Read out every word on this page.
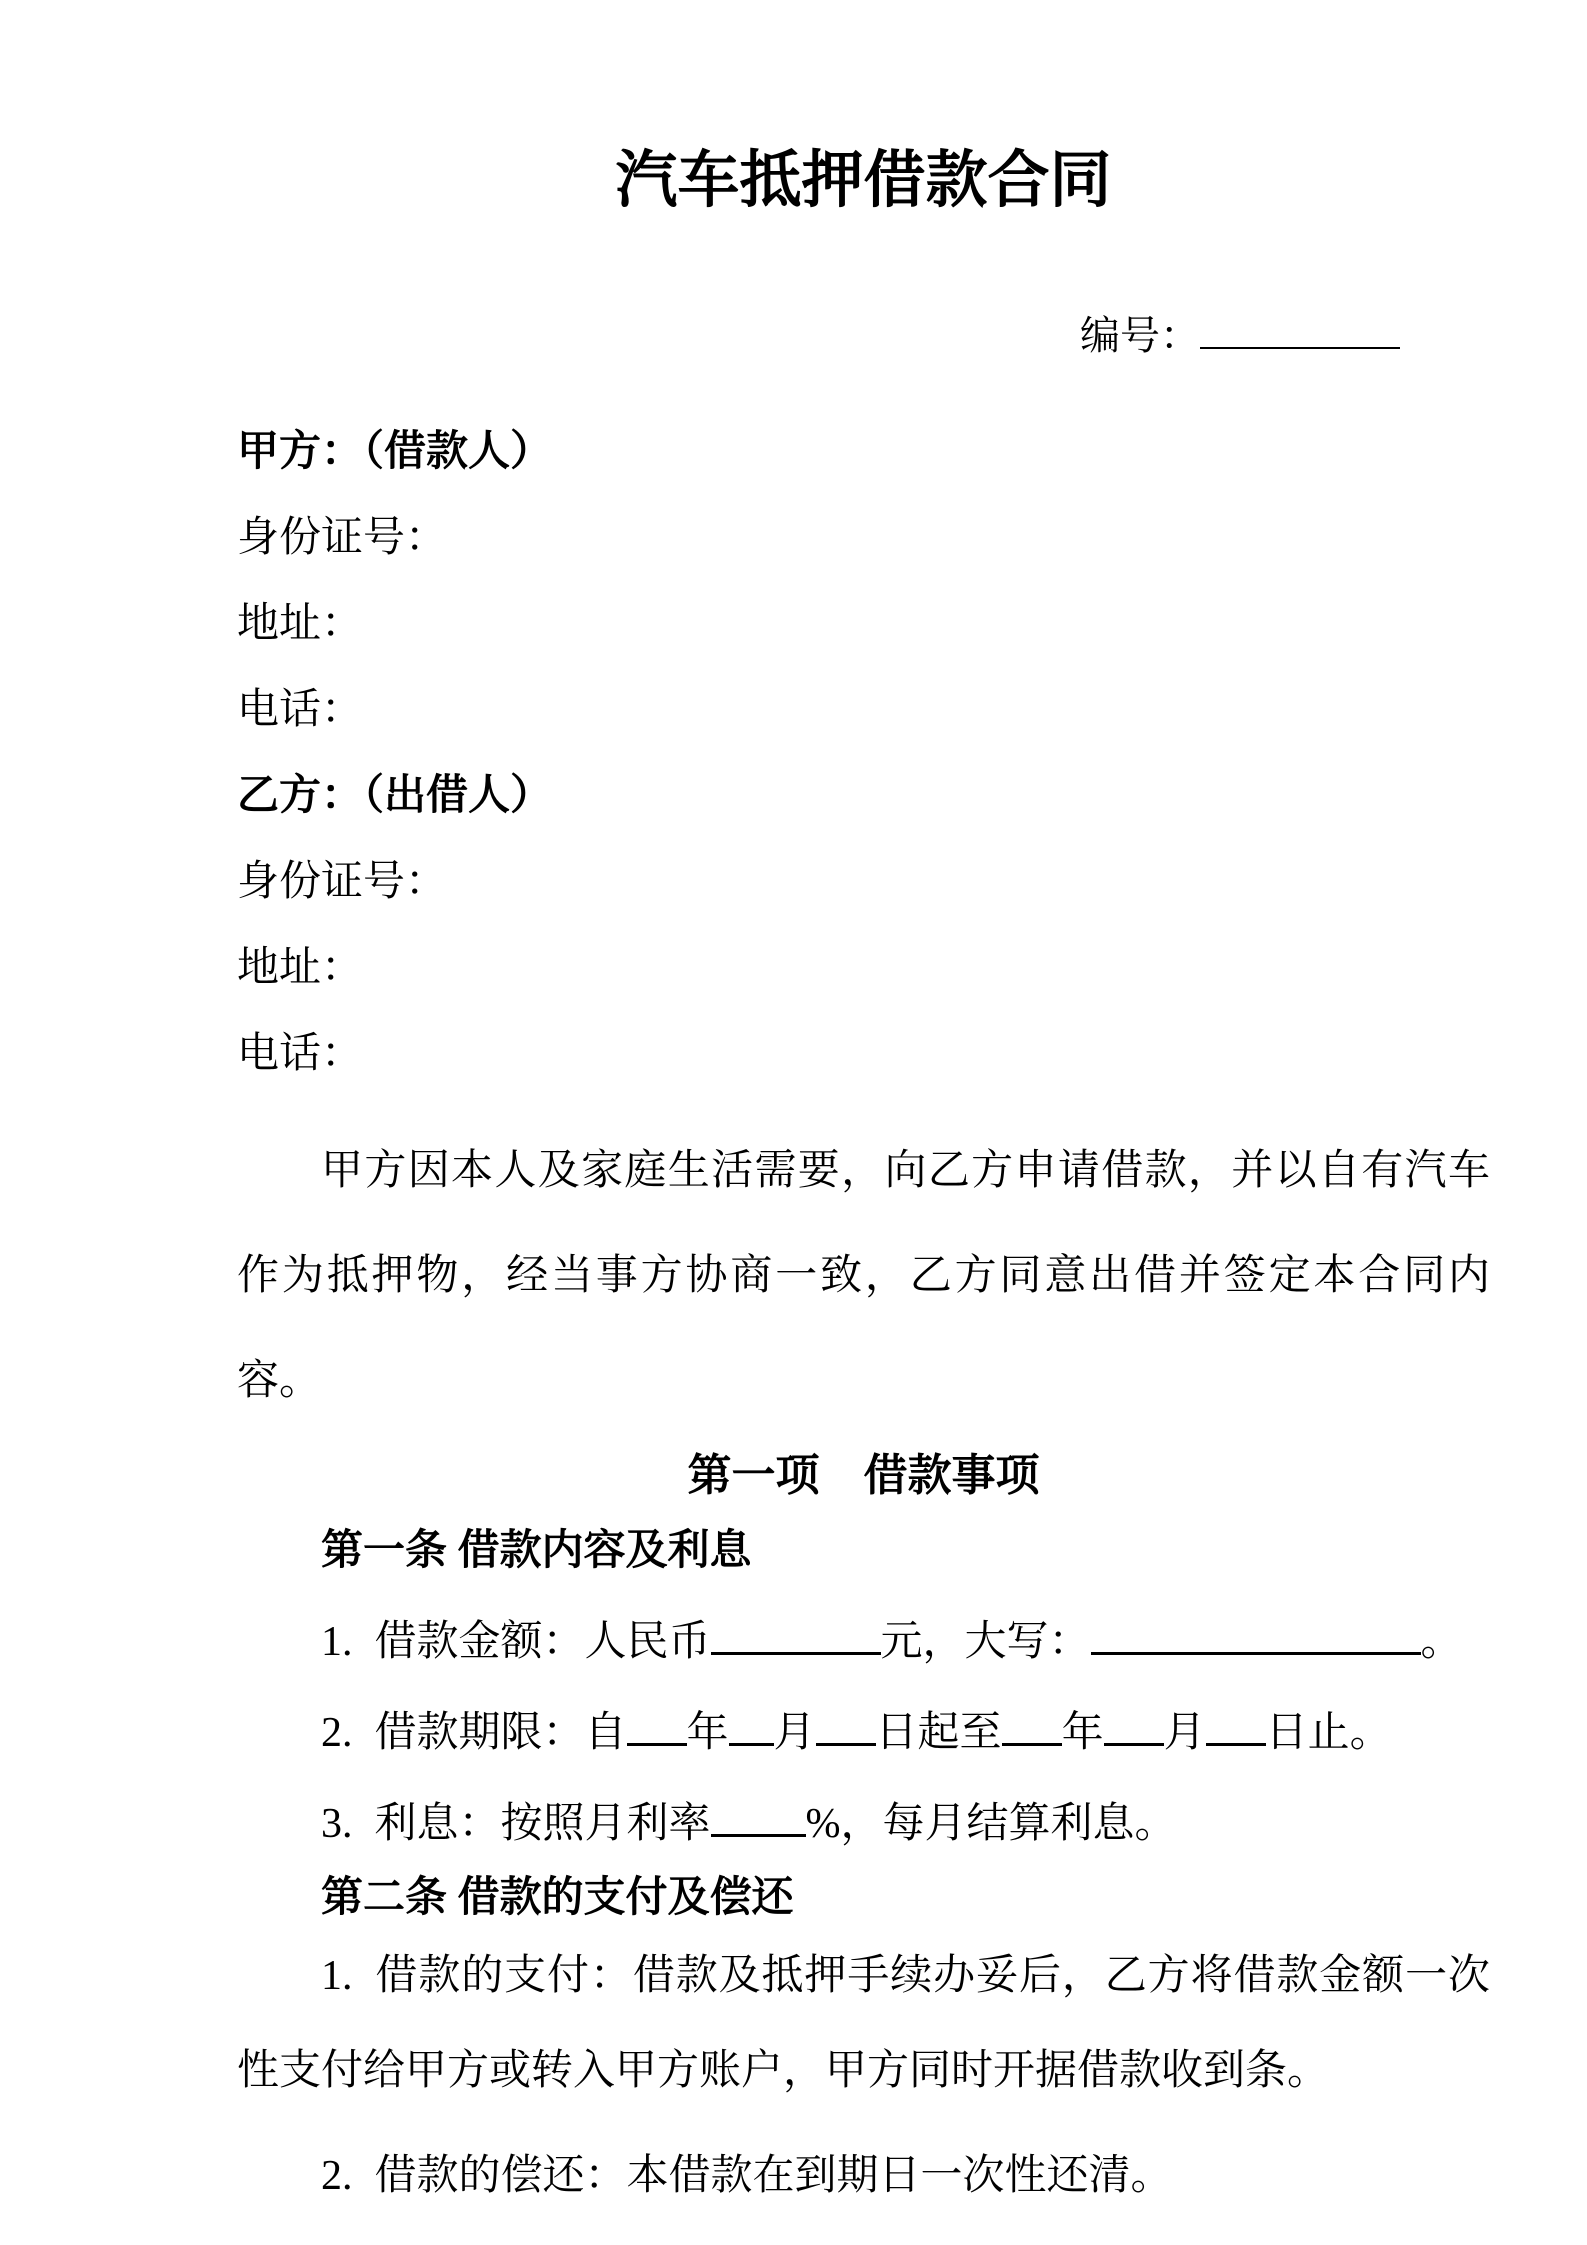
汽车抵押借款合同
编号：

甲方：（借款人）

身份证号：

地址：

电话：

乙方：（出借人）

身份证号：

地址：

电话：

甲方因本人及家庭生活需要，向乙方申请借款，并以自有汽车作为抵押物，经当事方协商一致，乙方同意出借并签定本合同内容。

第一项　借款事项

第一条 借款内容及利息

1. 借款金额：人民币	元，大写：	。

2. 借款期限：自 年 月 日起至 年 月 日止。

3. 利息：按照月利率 %，每月结算利息。

第二条 借款的支付及偿还

1. 借款的支付：借款及抵押手续办妥后，乙方将借款金额一次性支付给甲方或转入甲方账户，甲方同时开据借款收到条。

2. 借款的偿还：本借款在到期日一次性还清。
